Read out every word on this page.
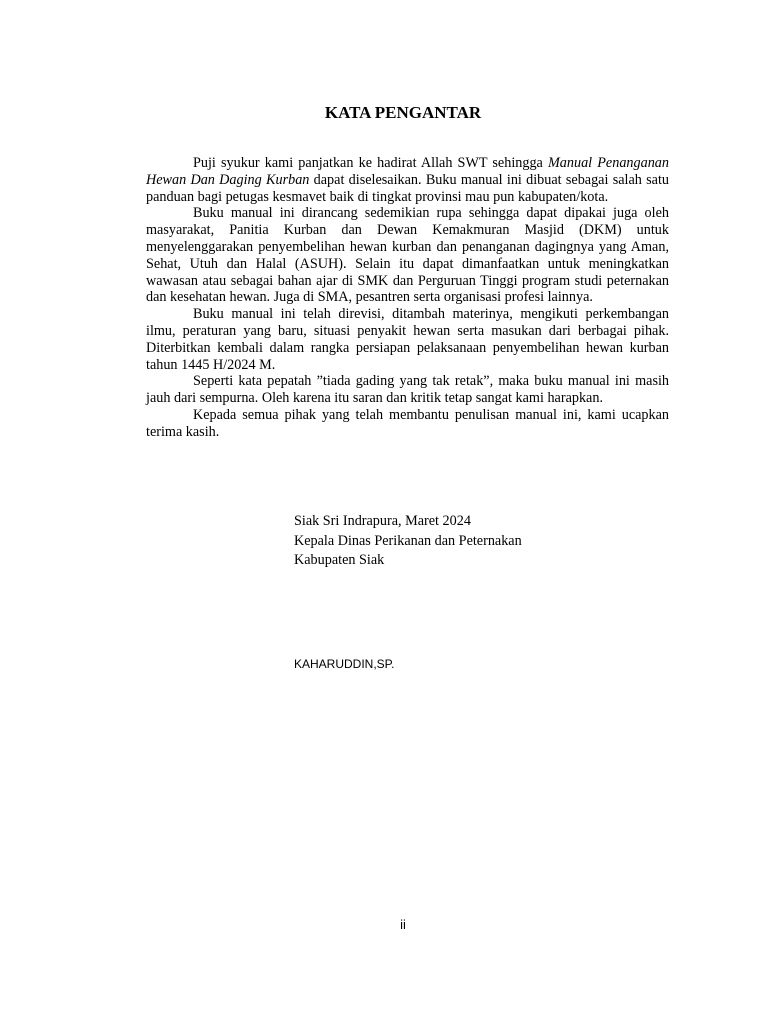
KATA PENGANTAR

Puji syukur kami panjatkan ke hadirat Allah SWT sehingga Manual Penanganan Hewan Dan Daging Kurban dapat diselesaikan. Buku manual ini dibuat sebagai salah satu panduan bagi petugas kesmavet baik di tingkat provinsi mau pun kabupaten/kota.

Buku manual ini dirancang sedemikian rupa sehingga dapat dipakai juga oleh masyarakat, Panitia Kurban dan Dewan Kemakmuran Masjid (DKM) untuk menyelenggarakan penyembelihan hewan kurban dan penanganan dagingnya yang Aman, Sehat, Utuh dan Halal (ASUH). Selain itu dapat dimanfaatkan untuk meningkatkan wawasan atau sebagai bahan ajar di SMK dan Perguruan Tinggi program studi peternakan dan kesehatan hewan. Juga di SMA, pesantren serta organisasi profesi lainnya.

Buku manual ini telah direvisi, ditambah materinya, mengikuti perkembangan ilmu, peraturan yang baru, situasi penyakit hewan serta masukan dari berbagai pihak. Diterbitkan kembali dalam rangka persiapan pelaksanaan penyembelihan hewan kurban tahun 1445 H/2024 M.

Seperti kata pepatah ”tiada gading yang tak retak”, maka buku manual ini masih jauh dari sempurna. Oleh karena itu saran dan kritik tetap sangat kami harapkan.

Kepada semua pihak yang telah membantu penulisan manual ini, kami ucapkan terima kasih.

Siak Sri Indrapura, Maret 2024
Kepala Dinas Perikanan dan Peternakan
Kabupaten Siak
KAHARUDDIN,SP.
ii
